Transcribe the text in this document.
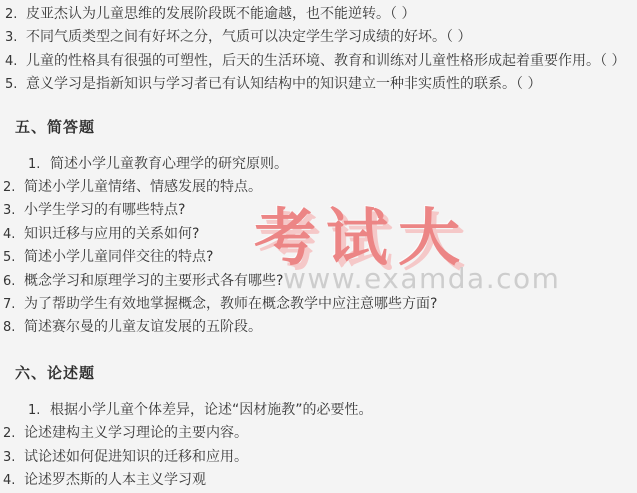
考试大
www.examda.com
2. 皮亚杰认为儿童思维的发展阶段既不能逾越，也不能逆转。（ ）
3. 不同气质类型之间有好坏之分，气质可以决定学生学习成绩的好坏。（ ）
4. 儿童的性格具有很强的可塑性，后天的生活环境、教育和训练对儿童性格形成起着重要作用。（ ）
5. 意义学习是指新知识与学习者已有认知结构中的知识建立一种非实质性的联系。（ ）
五、简答题
1. 简述小学儿童教育心理学的研究原则。
2. 简述小学儿童情绪、情感发展的特点。
3. 小学生学习的有哪些特点?
4. 知识迁移与应用的关系如何?
5. 简述小学儿童同伴交往的特点?
6. 概念学习和原理学习的主要形式各有哪些?
7. 为了帮助学生有效地掌握概念，教师在概念教学中应注意哪些方面?
8. 简述赛尔曼的儿童友谊发展的五阶段。
六、论述题
1. 根据小学儿童个体差异，论述“因材施教”的必要性。
2. 论述建构主义学习理论的主要内容。
3. 试论述如何促进知识的迁移和应用。
4. 论述罗杰斯的人本主义学习观
